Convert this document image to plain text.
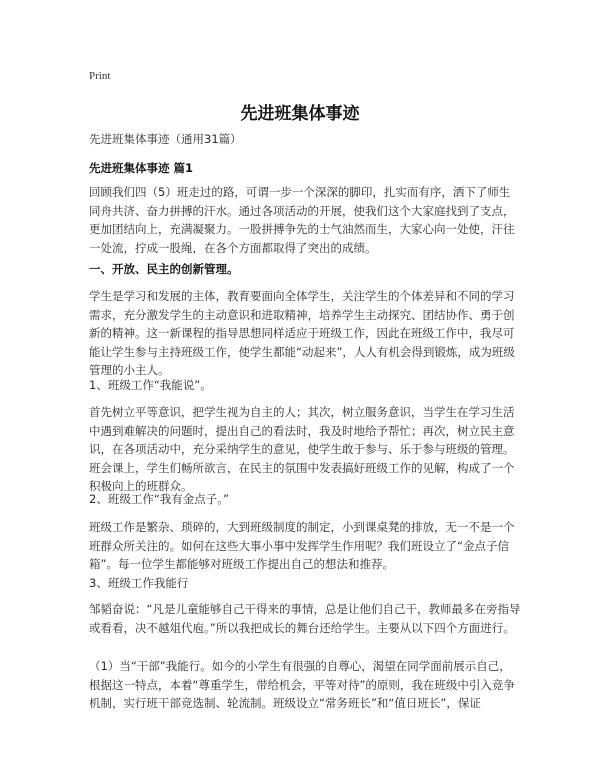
Print
先进班集体事迹
先进班集体事迹（通用31篇）
先进班集体事迹 篇1
回顾我们四（5）班走过的路，可谓一步一个深深的脚印，扎实而有序，洒下了师生同舟共济、奋力拼搏的汗水。通过各项活动的开展，使我们这个大家庭找到了支点，更加团结向上，充满凝聚力。一股拼搏争先的士气油然而生，大家心向一处使，汗往一处流，拧成一股绳，在各个方面都取得了突出的成绩。
一、开放、民主的创新管理。
学生是学习和发展的主体，教育要面向全体学生，关注学生的个体差异和不同的学习需求，充分激发学生的主动意识和进取精神，培养学生主动探究、团结协作、勇于创新的精神。这一新课程的指导思想同样适应于班级工作，因此在班级工作中，我尽可能让学生参与主持班级工作，使学生都能“动起来”，人人有机会得到锻炼，成为班级管理的小主人。
1、班级工作“我能说”。
首先树立平等意识，把学生视为自主的人；其次，树立服务意识，当学生在学习生活中遇到难解决的问题时，提出自己的看法时，我及时地给予帮忙；再次，树立民主意识，在各项活动中，充分采纳学生的意见，使学生敢于参与、乐于参与班级的管理。班会课上，学生们畅所欲言，在民主的氛围中发表搞好班级工作的见解，构成了一个积极向上的班群众。
2、班级工作“我有金点子。”
班级工作是繁杂、琐碎的，大到班级制度的制定，小到课桌凳的排放，无一不是一个班群众所关注的。如何在这些大事小事中发挥学生作用呢？我们班设立了“金点子信箱”。每一位学生都能够对班级工作提出自己的想法和推荐。
3、班级工作我能行
邹韬奋说：“凡是儿童能够自己干得来的事情，总是让他们自己干，教师最多在旁指导或看看，决不越俎代庖。”所以我把成长的舞台还给学生。主要从以下四个方面进行。
（1）当“干部”我能行。如今的小学生有很强的自尊心，渴望在同学面前展示自己，根据这一特点，本着“尊重学生，带给机会，平等对待”的原则，我在班级中引入竞争机制，实行班干部竞选制、轮流制。班级设立“常务班长”和“值日班长”，保证
